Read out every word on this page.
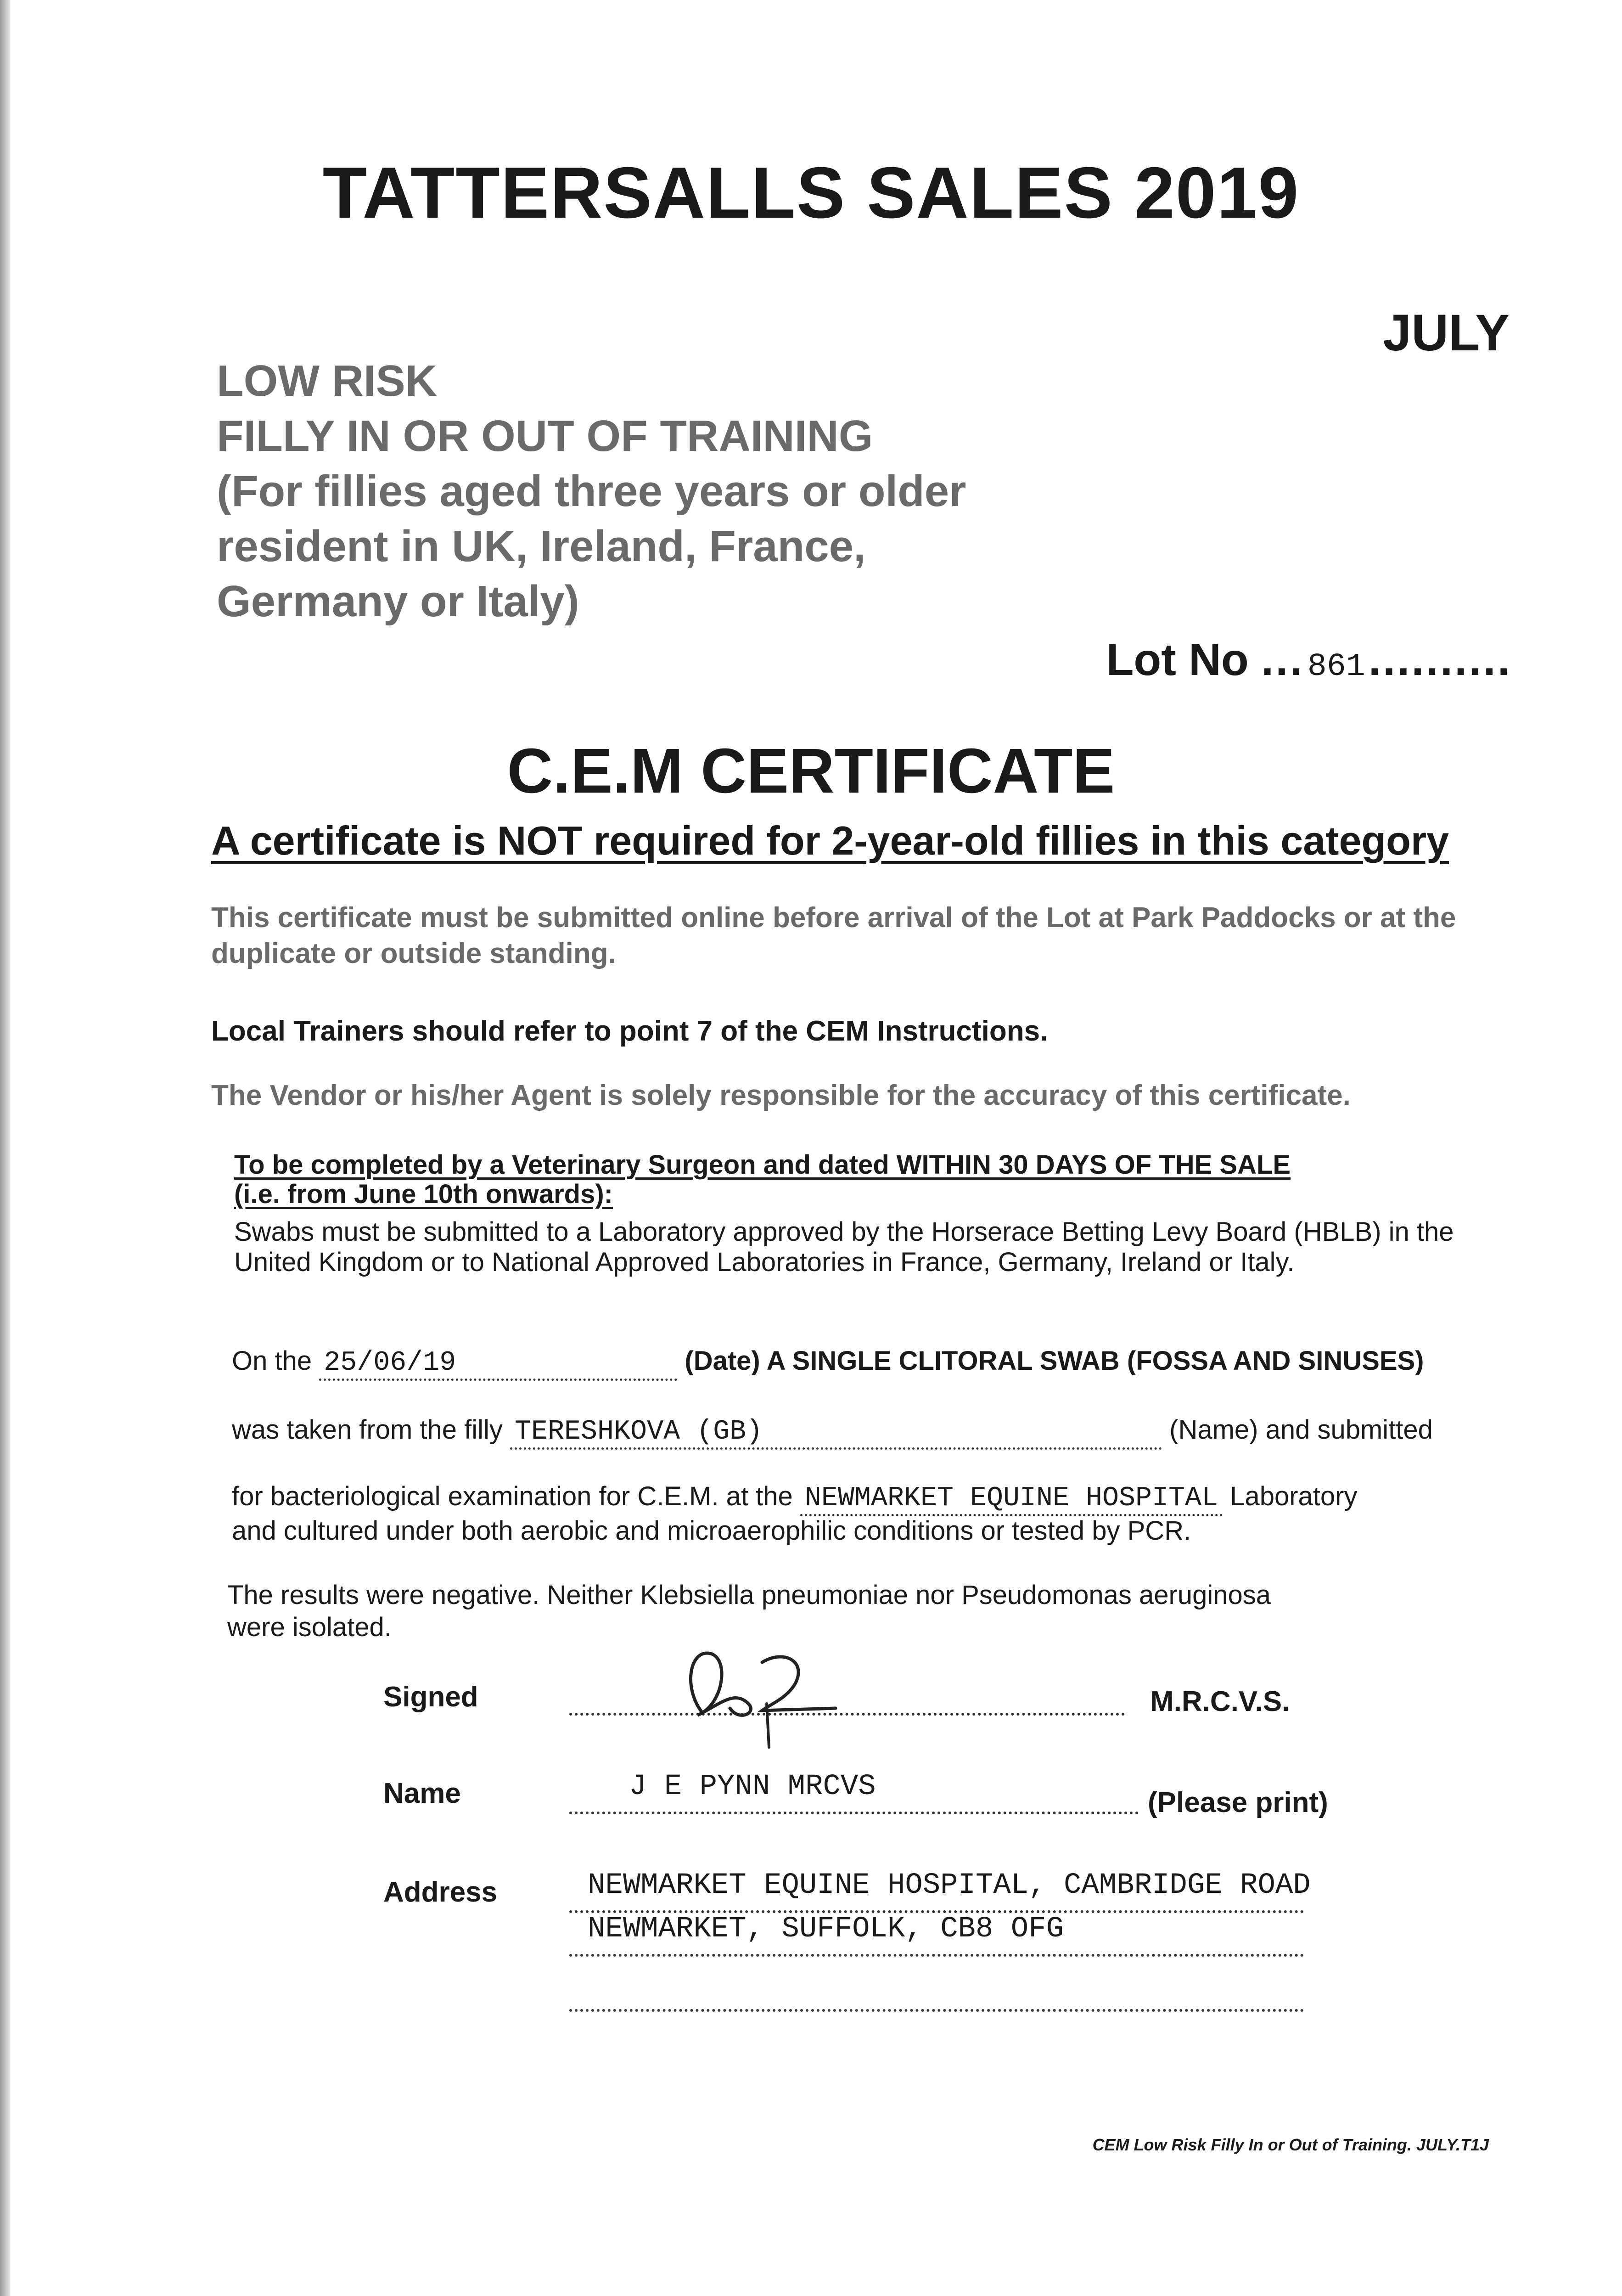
TATTERSALLS SALES 2019
JULY
LOW RISK
FILLY IN OR OUT OF TRAINING
(For fillies aged three years or older
resident in UK, Ireland, France,
Germany or Italy)
Lot No ...861..........
C.E.M CERTIFICATE
A certificate is NOT required for 2-year-old fillies in this category
This certificate must be submitted online before arrival of the Lot at Park Paddocks or at the duplicate or outside standing.
Local Trainers should refer to point 7 of the CEM Instructions.
The Vendor or his/her Agent is solely responsible for the accuracy of this certificate.
To be completed by a Veterinary Surgeon and dated WITHIN 30 DAYS OF THE SALE
(i.e. from June 10th onwards):
Swabs must be submitted to a Laboratory approved by the Horserace Betting Levy Board (HBLB) in the United Kingdom or to National Approved Laboratories in France, Germany, Ireland or Italy.
On the 25/06/19	(Date) A SINGLE CLITORAL SWAB (FOSSA AND SINUSES)
was taken from the filly TERESHKOVA (GB)	(Name) and submitted
for bacteriological examination for C.E.M. at the NEWMARKET EQUINE HOSPITAL Laboratory
and cultured under both aerobic and microaerophilic conditions or tested by PCR.
The results were negative. Neither Klebsiella pneumoniae nor Pseudomonas aeruginosa
were isolated.
Signed	M.R.C.V.S.
Name	J E PYNN MRCVS	(Please print)
Address	NEWMARKET EQUINE HOSPITAL, CAMBRIDGE ROAD
NEWMARKET, SUFFOLK, CB8 OFG
CEM Low Risk Filly In or Out of Training. JULY.T1J
